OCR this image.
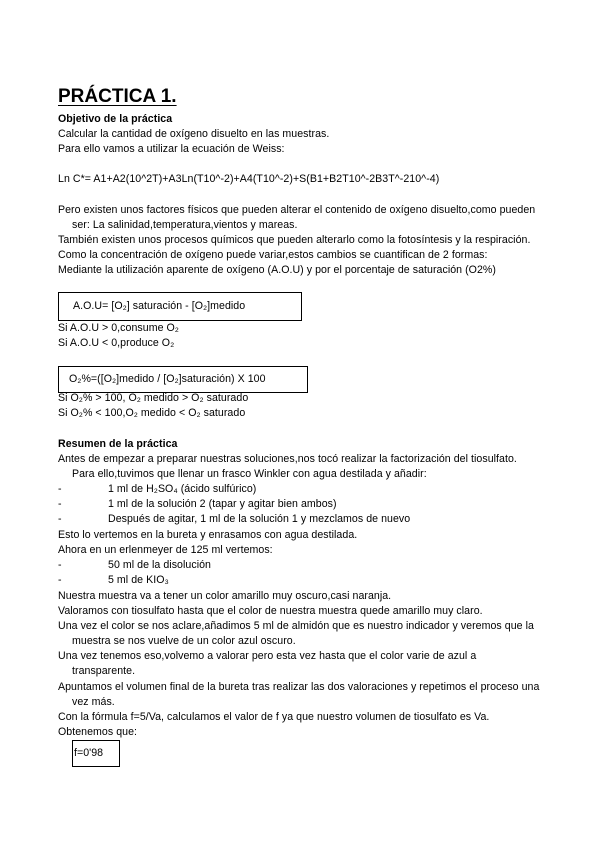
PRÁCTICA 1.
Objetivo de la práctica
Calcular la cantidad de oxígeno disuelto en las muestras.
Para ello vamos a utilizar la ecuación de Weiss:
Ln C*= A1+A2(10^2T)+A3Ln(T10^-2)+A4(T10^-2)+S(B1+B2T10^-2B3T^-210^-4)
Pero existen unos factores físicos que pueden alterar el contenido de oxígeno disuelto,como pueden
ser: La salinidad,temperatura,vientos y mareas.
También existen unos procesos químicos que pueden alterarlo como la fotosíntesis y la respiración.
Como la concentración de oxígeno puede variar,estos cambios se cuantifican de 2 formas:
Mediante la utilización aparente de oxígeno (A.O.U) y por el porcentaje de saturación (O2%)
A.O.U= [O₂] saturación - [O₂]medido
Si A.O.U > 0,consume O₂
Si A.O.U < 0,produce O₂
O₂%=([O₂]medido / [O₂]saturación) X 100
Si O₂% > 100, O₂ medido > O₂ saturado
Si O₂% < 100,O₂ medido < O₂ saturado
Resumen de la práctica
Antes de empezar a preparar nuestras soluciones,nos tocó realizar la factorización del tiosulfato.
Para ello,tuvimos que llenar un frasco Winkler con agua destilada y añadir:
-	1 ml de H₂SO₄ (ácido sulfúrico)
-	1 ml de la solución 2 (tapar y agitar bien ambos)
-	Después de agitar, 1 ml de la solución 1 y mezclamos de nuevo
Esto lo vertemos en la bureta y enrasamos con agua destilada.
Ahora en un erlenmeyer de 125 ml vertemos:
-	50 ml de la disolución
-	5 ml de KIO₃
Nuestra muestra va a tener un color amarillo muy oscuro,casi naranja.
Valoramos con tiosulfato hasta que el color de nuestra muestra quede amarillo muy claro.
Una vez el color se nos aclare,añadimos 5 ml de almidón que es nuestro indicador y veremos que la
muestra se nos vuelve de un color azul oscuro.
Una vez tenemos eso,volvemo a valorar pero esta vez hasta que el color varie de azul a
transparente.
Apuntamos el volumen final de la bureta tras realizar las dos valoraciones y repetimos el proceso una
vez más.
Con la fórmula f=5/Va, calculamos el valor de f ya que nuestro volumen de tiosulfato es Va.
Obtenemos que:
f=0'98
